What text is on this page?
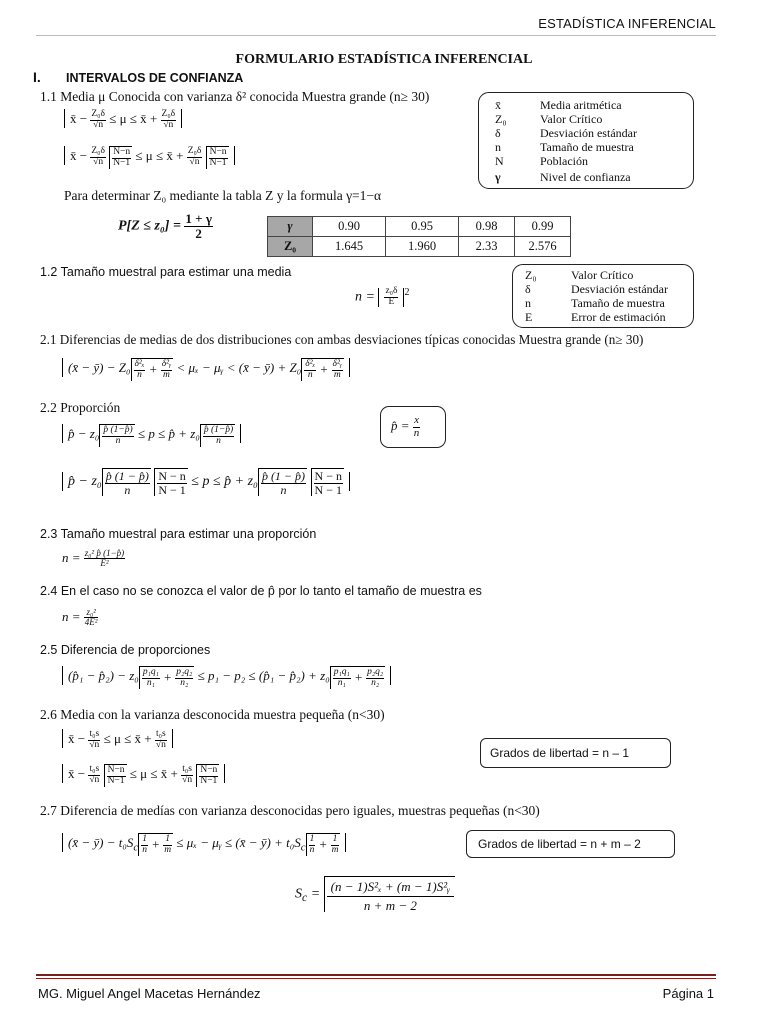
ESTADÍSTICA INFERENCIAL
FORMULARIO ESTADÍSTICA INFERENCIAL
I. INTERVALOS DE CONFIANZA
1.1 Media μ Conocida con varianza δ² conocida Muestra grande (n≥ 30)
x̄ − $\frac{\text{Z₀δ}}{√n} \le \mu$ ≤ x̄ + $\frac{\text{Z₀δ}}{√n}$
x̄ − $\frac{\text{Z₀δ}}{√n}$
$\frac{N-n}{N-1} \le \mu$ ≤ x̄ + $\frac{\text{Z₀δ}}{√n}$
$\frac{N-n}{N-1}$
x̄	Media aritmética
Z₀	Valor Crítico
δ	Desviación estándar
n	Tamaño de muestra
N	Población
γ	Nivel de confianza
Para determinar Z₀ mediante la tabla Z y la formula γ=1−α
$P[Z \le z_0] = \frac{1 + \gamma}{2}$	γ	0.90	0.95	0.98	0.99
Z₀	1.645	1.960	2.33	2.576
1.2 Tamaño muestral para estimar una media
$n = \frac{\text{z₀δ}}{E} ^2$
Z₀	Valor Crítico
δ	Desviación estándar
n	Tamaño de muestra
E	Error de estimación
2.1 Diferencias de medias de dos distribuciones con ambas desviaciones típicas conocidas Muestra grande (n≥ 30)
(x̄ − ȳ) − $Z_0 \frac{\text{δ²ₓ}}{n} + \frac{\text{δ²ᵧ}}{m} < \mu_x$ − μᵧ < (x̄ − ȳ) + $Z_0 \frac{\text{δ²ₓ}}{n} + \frac{\text{δ²ᵧ}}{m}$
2.2 Proporción
p̂ − $z_0 \frac{p̂ (1-p̂)}{n} \le p$ ≤ p̂ + $z_0 \frac{p̂ (1-p̂)}{n}$
p̂ = $\frac{x}{n}$
p̂ − $z_0 \frac{p̂ (1 - p̂)}{n}$
$\frac{N - n}{N - 1} \le p$ ≤ p̂ + $z_0 \frac{p̂ (1 - p̂)}{n}$
$\frac{N - n}{N - 1}$
2.3 Tamaño muestral para estimar una proporción
$n = \frac{\text{z₀² p̂ (1−p̂)}}{\text{E²}}$
2.4 En el caso no se conozca el valor de p̂ por lo tanto el tamaño de muestra es
$n = \frac{\text{z₀²}}{\text{4E²}}$
2.5 Diferencia de proporciones
(p̂₁ − p̂₂) − $z_0 \frac{\text{p₁q₁}}{\text{n₁}} + \frac{\text{p₂q₂}}{\text{n₂}} \le p_1 - p_2$ ≤ (p̂₁ − p̂₂) + $z_0 \frac{\text{p₁q₁}}{\text{n₁}} + \frac{\text{p₂q₂}}{\text{n₂}}$
2.6 Media con la varianza desconocida muestra pequeña (n<30)
x̄ − $\frac{\text{t₀s}}{√n} \le \mu$ ≤ x̄ + $\frac{\text{t₀s}}{√n}$
x̄ − $\frac{\text{t₀s}}{√n}$
$\frac{N-n}{N-1} \le \mu$ ≤ x̄ + $\frac{\text{t₀s}}{√n}$
$\frac{N-n}{N-1}$
Grados de libertad = n – 1
2.7 Diferencia de medías con varianza desconocidas pero iguales, muestras pequeñas (n<30)
(x̄ − ȳ) − $t_0S_c \frac{1}{n} + \frac{1}{m} \le \mu_x$ − μᵧ ≤ (x̄ − ȳ) + $t_0S_c \frac{1}{n} + \frac{1}{m}$	Grados de libertad = n + m – 2
$S_c = \frac{\text{(n − 1)S²ₓ + (m − 1)S²ᵧ}}{n + m - 2}$
MG. Miguel Angel Macetas Hernández	Página 1
